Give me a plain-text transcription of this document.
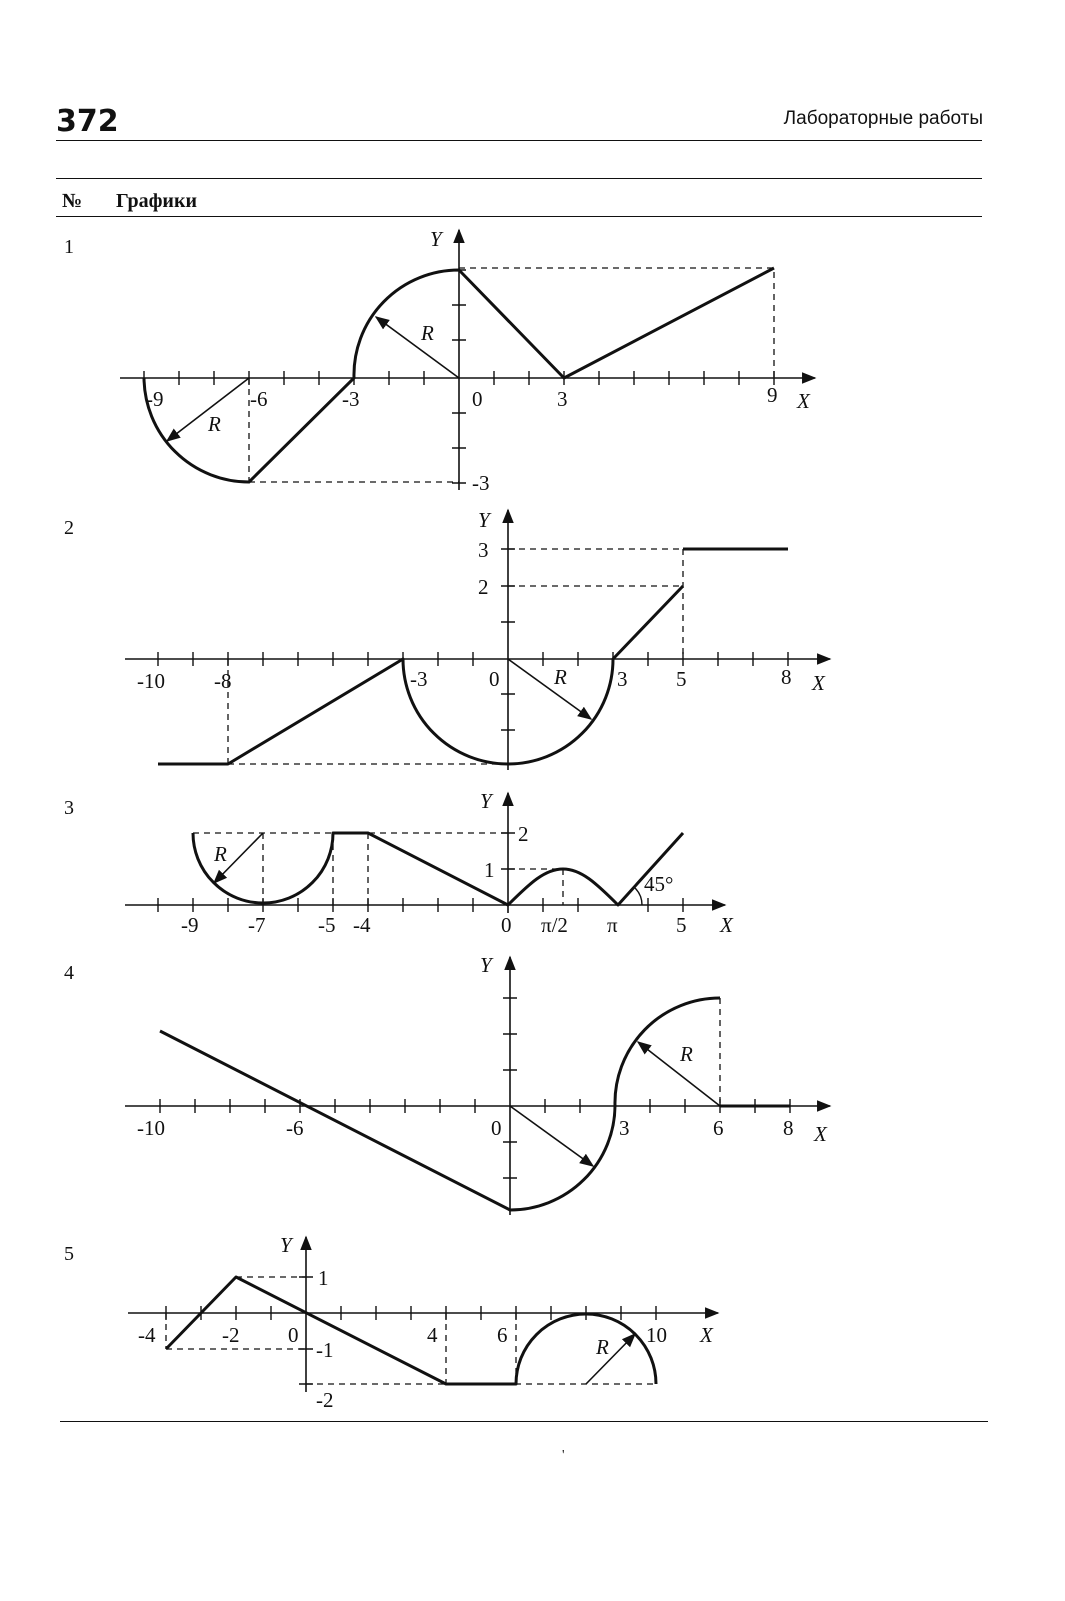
372	Лабораторные работы
№ Графики
1
2
3
4
5
'
-9	-6	-3	0	3	9
-3
X
Y
R
R
-10 -8	-3	0	3 5	8
3
2
X
Y
R
-9 -7	-5 -4	0 π/2 π	5
2
1
X
Y
R
45°
-10	-6	0	3	6	8 X
Y
R
-4	-2 0	4	6	10
1
-1
-2
X
Y
R
